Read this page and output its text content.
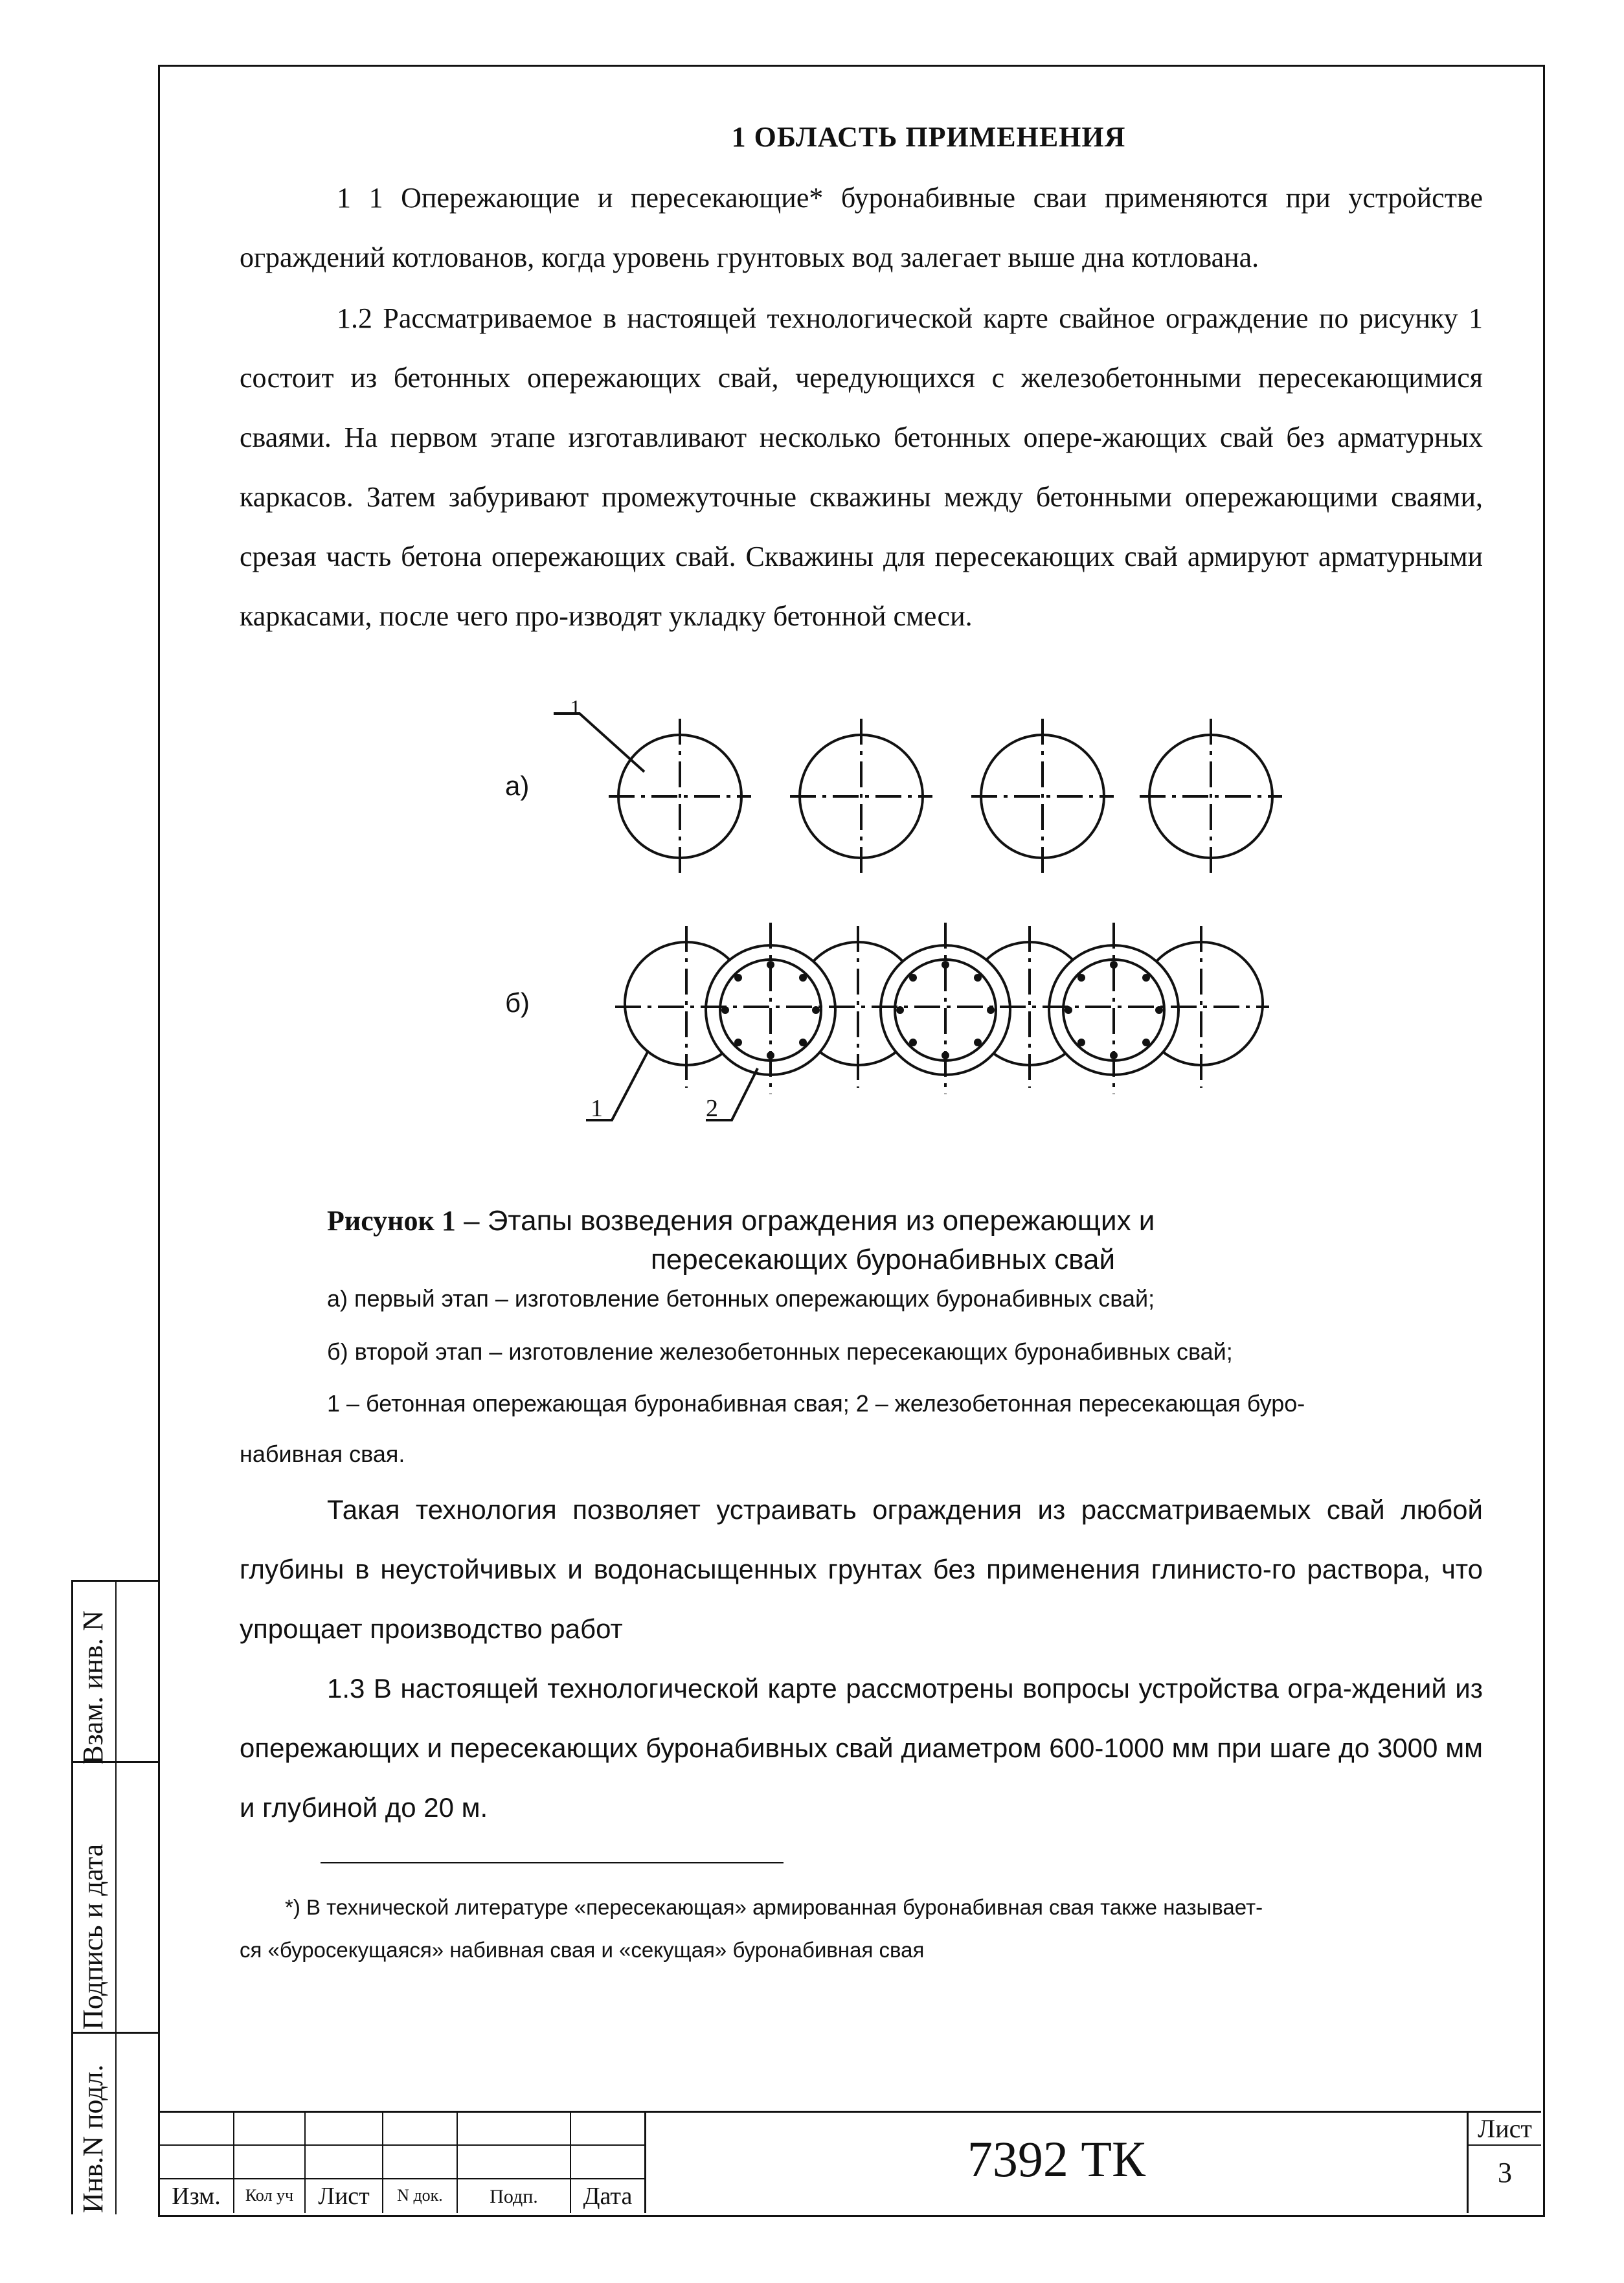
1 ОБЛАСТЬ ПРИМЕНЕНИЯ
1 1 Опережающие и пересекающие* буронабивные сваи применяются при устройстве ограждений котлованов, когда уровень грунтовых вод залегает выше дна котлована.
1.2 Рассматриваемое в настоящей технологической карте свайное ограждение по рисунку 1 состоит из бетонных опережающих свай, чередующихся с железобетонными пересекающимися сваями. На первом этапе изготавливают несколько бетонных опере-жающих свай без арматурных каркасов. Затем забуривают промежуточные скважины между бетонными опережающими сваями, срезая часть бетона опережающих свай. Скважины для пересекающих свай армируют арматурными каркасами, после чего про-изводят укладку бетонной смеси.
а)
б)
1
1	2
Рисунок 1 – Этапы возведения ограждения из опережающих и
пересекающих буронабивных свай
а) первый этап – изготовление бетонных опережающих буронабивных свай;
б) второй этап – изготовление железобетонных пересекающих буронабивных свай;
1 – бетонная опережающая буронабивная свая; 2 – железобетонная пересекающая буро-
набивная свая.
Такая технология позволяет устраивать ограждения из рассматриваемых свай любой глубины в неустойчивых и водонасыщенных грунтах без применения глинисто-го раствора, что упрощает производство работ
1.3 В настоящей технологической карте рассмотрены вопросы устройства огра-ждений из опережающих и пересекающих буронабивных свай диаметром 600-1000 мм при шаге до 3000 мм и глубиной до 20 м.
*) В технической литературе «пересекающая» армированная буронабивная свая также называет-
ся «буросекущаяся» набивная свая и «секущая» буронабивная свая
Взам. инв. N
Подпись и дата
Инв.N подл.	Изм.	Кол уч	Лист	N док.	Подп.	Дата
7392 ТК
Лист
3
